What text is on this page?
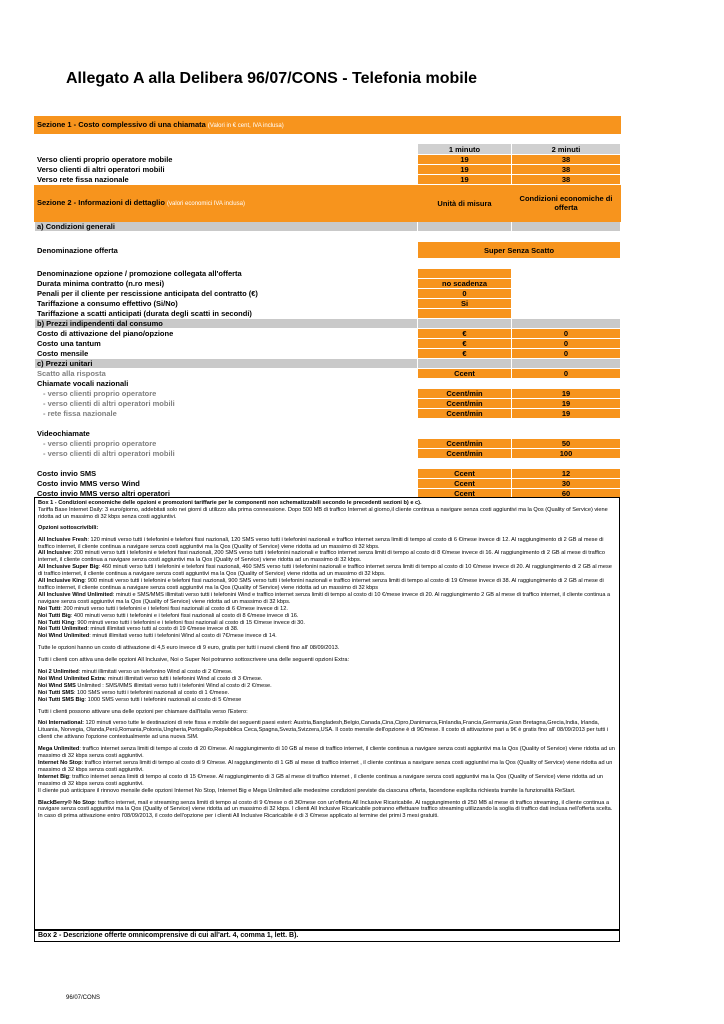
Allegato A alla Delibera 96/07/CONS - Telefonia mobile
Sezione 1 - Costo complessivo di una chiamata (Valori in € cent, IVA inclusa)		

	1 minuto	2 minuti
Verso clienti proprio operatore mobile	19	38
Verso clienti di altri operatori mobili	19	38
Verso rete fissa nazionale	19	38
Sezione 2 - Informazioni di dettaglio (valori economici IVA inclusa)	Unità di misura	Condizioni economiche di offerta
a) Condizioni generali		

Denominazione offerta	Super Senza Scatto	

Denominazione opzione / promozione collegata all'offerta		
Durata minima contratto (n.ro mesi)	no scadenza	
Penali per il cliente per rescissione anticipata del contratto (€)	0	
Tariffazione a consumo effettivo (Si/No)	Si	
Tariffazione a scatti anticipati (durata degli scatti in secondi)		
b) Prezzi indipendenti dal consumo		
Costo di attivazione del piano/opzione	€	0
Costo una tantum	€	0
Costo mensile	€	0
c) Prezzi unitari		
Scatto alla risposta	Ccent	0
Chiamate vocali nazionali		
- verso clienti proprio operatore	Ccent/min	19
- verso clienti di altri operatori mobili	Ccent/min	19
- rete fissa nazionale	Ccent/min	19

Videochiamate		
- verso clienti proprio operatore	Ccent/min	50
- verso clienti di altri operatori mobili	Ccent/min	100

Costo invio SMS	Ccent	12
Costo invio MMS verso Wind	Ccent	30
Costo invio MMS verso altri operatori	Ccent	60

Box 1 - Condizioni economiche delle opzioni e promozioni tariffarie per le componenti non schematizzabili secondo le precedenti sezioni b) e c).
Tariffa Base Internet Daily: 3 euro/giorno, addebitati solo nei giorni di utilizzo alla prima connessione. Dopo 500 MB di traffico Internet al giorno,il cliente continua a navigare senza costi aggiuntivi ma la Qos (Quality of Service) viene ridotta ad un massimo di 32 kbps senza costi aggiuntivi.

Opzioni sottoscrivibili:

All Inclusive Fresh: 120 minuti verso tutti i telefonini e telefoni fissi nazionali, 120 SMS verso tutti i telefonini nazionali e traffico internet senza limiti di tempo al costo di 6 €/mese invece di 12. Al raggiungimento di 2 GB al mese di traffico internet, il cliente continua a navigare senza costi aggiuntivi ma la Qos (Quality of Service) viene ridotta ad un massimo di 32 kbps.
All Inclusive: 200 minuti verso tutti i telefonini e telefoni fissi nazionali, 200 SMS verso tutti i telefonini nazionali e traffico internet senza limiti di tempo al costo di 8 €/mese invece di 16. Al raggiungimento di 2 GB al mese di traffico internet, il cliente continua a navigare senza costi aggiuntivi ma la Qos (Quality of Service) viene ridotta ad un massimo di 32 kbps.
All Inclusive Super Big: 460 minuti verso tutti i telefonini e telefoni fissi nazionali, 460 SMS verso tutti i telefonini nazionali e traffico internet senza limiti di tempo al costo di 10 €/mese invece di 20. Al raggiungimento di 2 GB al mese di traffico internet, il cliente continua a navigare senza costi aggiuntivi ma la Qos (Quality of Service) viene ridotta ad un massimo di 32 kbps.
All Inclusive King: 900 minuti verso tutti i telefonini e telefoni fissi nazionali, 900 SMS verso tutti i telefonini nazionali e traffico internet senza limiti di tempo al costo di 19 €/mese invece di 38. Al raggiungimento di 2 GB al mese di traffico internet, il cliente continua a navigare senza costi aggiuntivi ma la Qos (Quality of Service) viene ridotta ad un massimo di 32 kbps
All Inclusive Wind Unlimited: minuti e SMS/MMS illimitati verso tutti i telefonini Wind e traffico internet senza limiti di tempo al costo di 10 €/mese invece di 20. Al raggiungimento 2 GB al mese di traffico internet, il cliente continua a navigare senza costi aggiuntivi ma la Qos (Quality of Service) viene ridotta ad un massimo di 32 kbps.
Noi Tutti: 200 minuti verso tutti i telefonini e i telefoni fissi nazionali al costo di 6 €/mese invece di 12.
Noi Tutti Big: 400 minuti verso tutti i telefonini e i telefoni fissi nazionali al costo di 8 €/mese invece di 16.
Noi Tutti King: 900 minuti verso tutti i telefonini e i telefoni fissi nazionali al costo di 15 €/mese invece di 30.
Noi Tutti Unlimited: minuti illimitati verso tutti al costo di 19 €/mese invece di 38.
Noi Wind Unlimited: minuti illimitati verso tutti i telefonini Wind al costo di 7€/mese invece di 14.

Tutte le opzioni hanno un costo di attivazione di 4,5 euro invece di 9 euro, gratis per tutti i nuovi clienti fino all' 08/09/2013.

Tutti i clienti con attiva una delle opzioni All Inclusive, Noi o Super Noi potranno sottoscrivere una delle seguenti opzioni Extra:

Noi 2 Unlimited: minuti illimitati verso un telefonino Wind al costo di 2 €/mese.
Noi Wind Unlimited Extra: minuti illimitati verso tutti i telefonini Wind al costo di 3 €/mese.
Noi Wind SMS Unlimited : SMS/MMS illimitati verso tutti i telefonini Wind al costo di 2 €/mese.
Noi Tutti SMS: 100 SMS verso tutti i telefonini nazionali al costo di 1 €/mese.
Noi Tutti SMS Big: 1000 SMS verso tutti i telefonini nazionali al costo di 5 €/mese

Tutti i clienti possono attivare una delle opzioni per chiamare dall'Italia verso l'Estero:

Noi International: 120 minuti verso tutte le destinazioni di rete fissa e mobile dei seguenti paesi esteri: Austria,Bangladesh,Belgio,Canada,Cina,Cipro,Danimarca,Finlandia,Francia,Germania,Gran Bretagna,Grecia,India, Irlanda, Lituania, Norvegia, Olanda,Perù,Romania,Polonia,Ungheria,Portogallo,Repubblica Ceca,Spagna,Svezia,Svizzera,USA. Il costo mensile dell'opzione è di 9€/mese. Il costo di attivazione pari a 9€ è gratis fino all' 08/09/2013 per tutti i clienti che attivano l'opzione contestualmente ad una nuova SIM.

Mega Unlimited: traffico internet senza limiti di tempo al costo di 20 €/mese. Al raggiungimento di 10 GB al mese di traffico internet, il cliente continua a navigare senza costi aggiuntivi ma la Qos (Quality of Service) viene ridotta ad un massimo di 32 kbps senza costi aggiuntivi.
Internet No Stop: traffico internet senza limiti di tempo al costo di 9 €/mese. Al raggiungimento di 1 GB al mese di traffico internet , il cliente continua a navigare senza costi aggiuntivi ma la Qos (Quality of Service) viene ridotta ad un massimo di 32 kbps senza costi aggiuntivi.
Internet Big: traffico internet senza limiti di tempo al costo di 15 €/mese. Al raggiungimento di 3 GB al mese di traffico internet , il cliente continua a navigare senza costi aggiuntivi ma la Qos (Quality of Service) viene ridotta ad un massimo di 32 kbps senza costi aggiuntivi.
Il cliente può anticipare il rinnovo mensile delle opzioni Internet No Stop, Internet Big e Mega Unlimited alle medesime condizioni previste da ciascuna offerta, facendone esplicita richiesta tramite la funzionalità ReStart.

BlackBerry® No Stop: traffico internet, mail e streaming senza limiti di tempo al costo di 9 €/mese o di 3€/mese con un'offerta All Inclusive Ricaricabile. Al raggiungimento di 250 MB al mese di traffico streaming, il cliente continua a navigare senza costi aggiuntivi ma la Qos (Quality of Service) viene ridotta ad un massimo di 32 kbps. I clienti All Inclusive Ricaricabile potranno effettuare traffico streaming utilizzando la soglia di traffico dati inclusa nell'offerta scelta. In caso di prima attivazione entro l'08/09/2013, il costo dell'opzione per i clienti All Inclusive Ricaricabile è di 3 €/mese applicato al termine dei primi 3 mesi gratuiti.

Box 2 - Descrizione offerte omnicomprensive di cui all'art. 4, comma 1, lett. B).
96/07/CONS
